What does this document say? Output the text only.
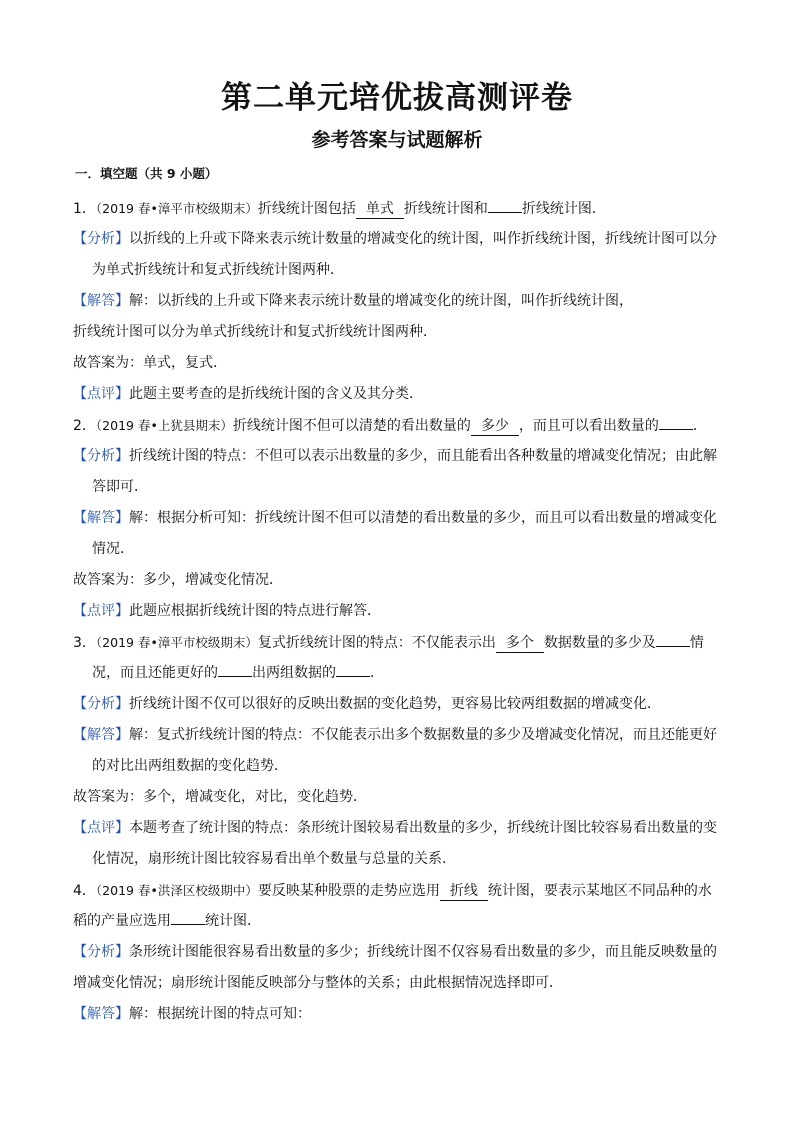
第二单元培优拔高测评卷
参考答案与试题解析
一．填空题（共 9 小题）
1．（2019 春•漳平市校级期末）折线统计图包括 单式 折线统计图和 折线统计图．
【分析】以折线的上升或下降来表示统计数量的增减变化的统计图，叫作折线统计图，折线统计图可以分
为单式折线统计和复式折线统计图两种．
【解答】解：以折线的上升或下降来表示统计数量的增减变化的统计图，叫作折线统计图，
折线统计图可以分为单式折线统计和复式折线统计图两种．
故答案为：单式，复式．
【点评】此题主要考查的是折线统计图的含义及其分类．
2．（2019 春•上犹县期末）折线统计图不但可以清楚的看出数量的 多少 ，而且可以看出数量的 ．
【分析】折线统计图的特点：不但可以表示出数量的多少，而且能看出各种数量的增减变化情况；由此解
答即可．
【解答】解：根据分析可知：折线统计图不但可以清楚的看出数量的多少，而且可以看出数量的增减变化
情况．
故答案为：多少，增减变化情况．
【点评】此题应根据折线统计图的特点进行解答．
3．（2019 春•漳平市校级期末）复式折线统计图的特点：不仅能表示出 多个 数据数量的多少及 情
况，而且还能更好的 出两组数据的 ．
【分析】折线统计图不仅可以很好的反映出数据的变化趋势，更容易比较两组数据的增减变化．
【解答】解：复式折线统计图的特点：不仅能表示出多个数据数量的多少及增减变化情况，而且还能更好
的对比出两组数据的变化趋势．
故答案为：多个，增减变化，对比，变化趋势．
【点评】本题考查了统计图的特点：条形统计图较易看出数量的多少，折线统计图比较容易看出数量的变
化情况，扇形统计图比较容易看出单个数量与总量的关系．
4．（2019 春•洪泽区校级期中）要反映某种股票的走势应选用 折线 统计图，要表示某地区不同品种的水
稻的产量应选用 统计图．
【分析】条形统计图能很容易看出数量的多少；折线统计图不仅容易看出数量的多少，而且能反映数量的
增减变化情况；扇形统计图能反映部分与整体的关系；由此根据情况选择即可．
【解答】解：根据统计图的特点可知：
